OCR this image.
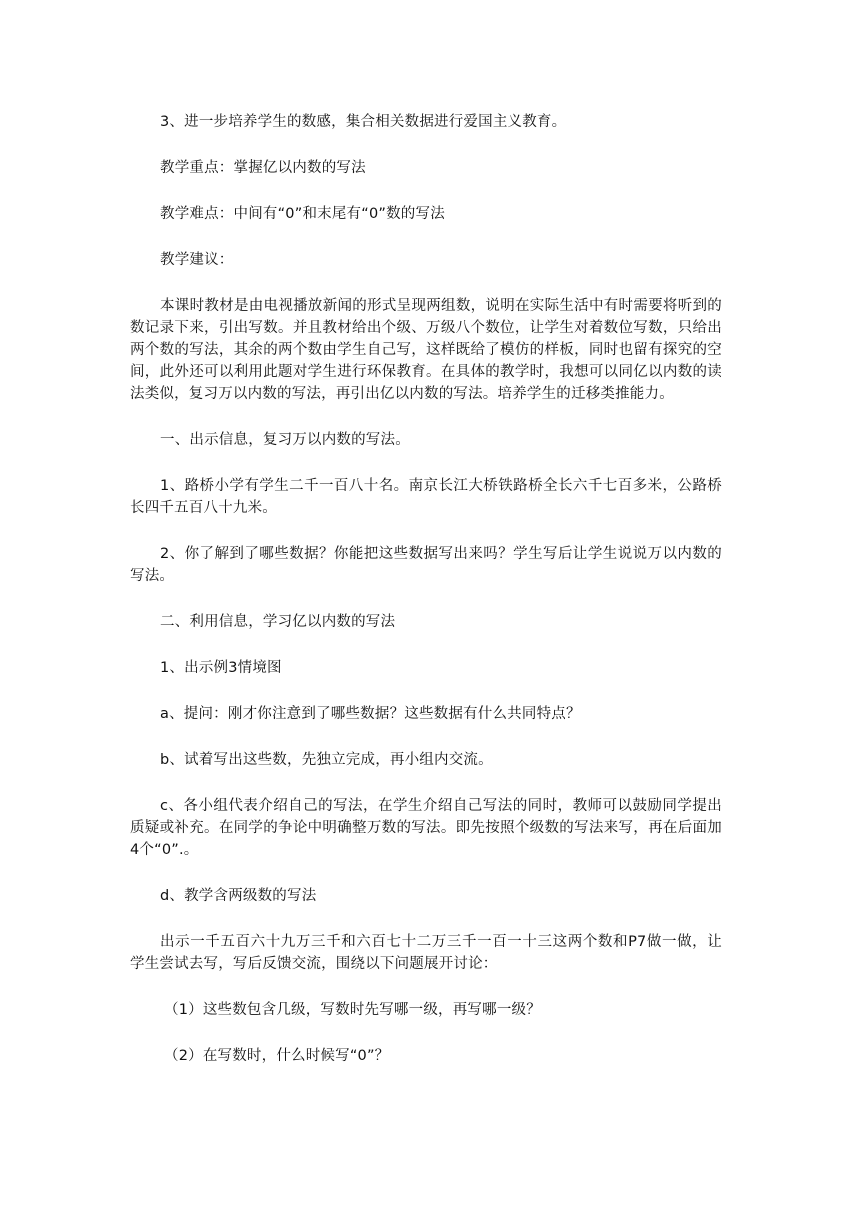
3、进一步培养学生的数感，集合相关数据进行爱国主义教育。

教学重点：掌握亿以内数的写法

教学难点：中间有“0”和末尾有“0”数的写法

教学建议：

本课时教材是由电视播放新闻的形式呈现两组数，说明在实际生活中有时需要将听到的数记录下来，引出写数。并且教材给出个级、万级八个数位，让学生对着数位写数，只给出两个数的写法，其余的两个数由学生自己写，这样既给了模仿的样板，同时也留有探究的空间，此外还可以利用此题对学生进行环保教育。在具体的教学时，我想可以同亿以内数的读法类似，复习万以内数的写法，再引出亿以内数的写法。培养学生的迁移类推能力。

一、出示信息，复习万以内数的写法。

1、路桥小学有学生二千一百八十名。南京长江大桥铁路桥全长六千七百多米，公路桥长四千五百八十九米。

2、你了解到了哪些数据？你能把这些数据写出来吗？学生写后让学生说说万以内数的写法。

二、利用信息，学习亿以内数的写法

1、出示例3情境图

a、提问：刚才你注意到了哪些数据？这些数据有什么共同特点？

b、试着写出这些数，先独立完成，再小组内交流。

c、各小组代表介绍自己的写法，在学生介绍自己写法的同时，教师可以鼓励同学提出质疑或补充。在同学的争论中明确整万数的写法。即先按照个级数的写法来写，再在后面加4个“0”.。

d、教学含两级数的写法

出示一千五百六十九万三千和六百七十二万三千一百一十三这两个数和P7做一做，让学生尝试去写，写后反馈交流，围绕以下问题展开讨论：

（1）这些数包含几级，写数时先写哪一级，再写哪一级？

（2）在写数时，什么时候写“0”？
